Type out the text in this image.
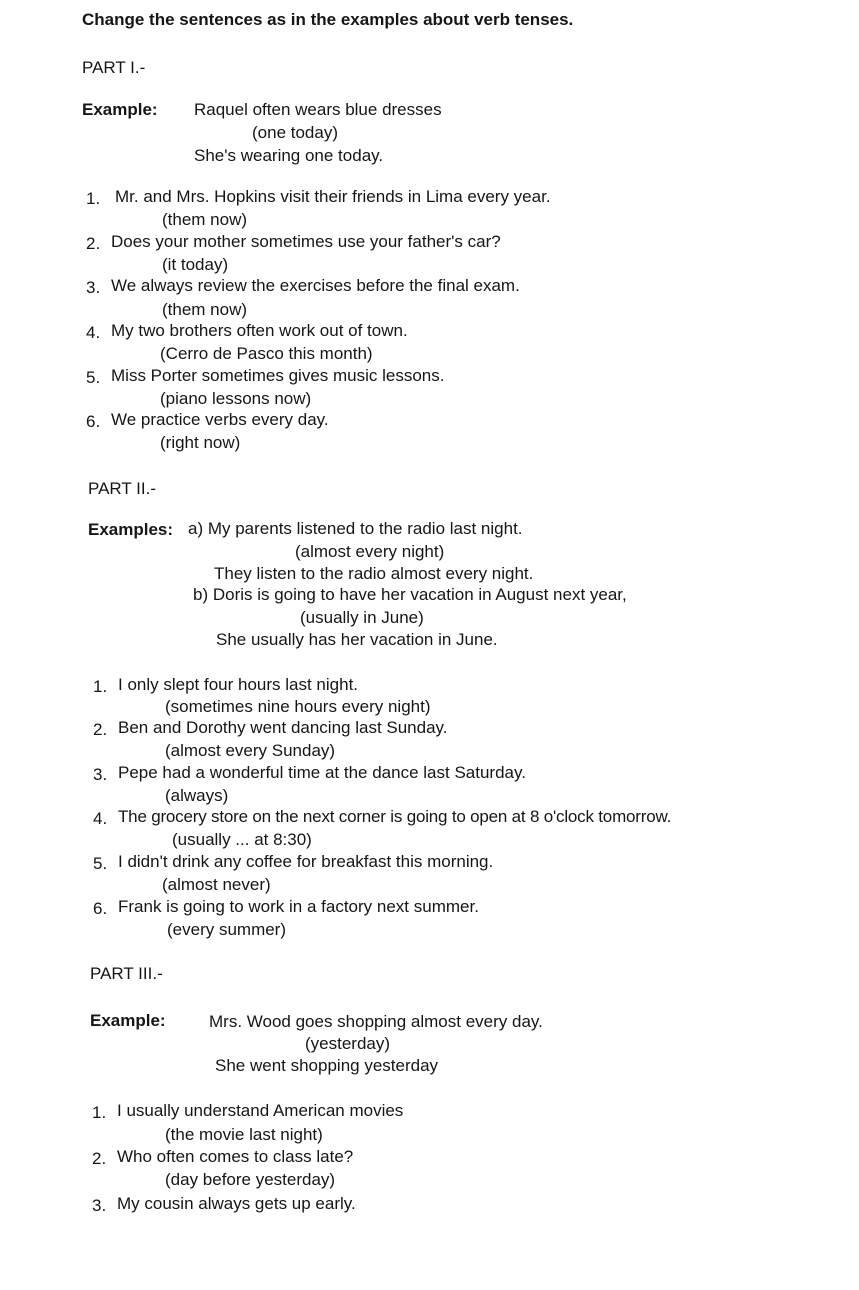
Change the sentences as in the examples about verb tenses.
PART I.-
Example: Raquel often wears blue dresses
(one today)
She's wearing one today.
1. Mr. and Mrs. Hopkins visit their friends in Lima every year.
(them now)
2. Does your mother sometimes use your father's car?
(it today)
3. We always review the exercises before the final exam.
(them now)
4. My two brothers often work out of town.
(Cerro de Pasco this month)
5. Miss Porter sometimes gives music lessons.
(piano lessons now)
6. We practice verbs every day.
(right now)
PART II.-
Examples: a) My parents listened to the radio last night.
(almost every night)
They listen to the radio almost every night.
b) Doris is going to have her vacation in August next year,
(usually in June)
She usually has her vacation in June.
1. I only slept four hours last night.
(sometimes nine hours every night)
2. Ben and Dorothy went dancing last Sunday.
(almost every Sunday)
3. Pepe had a wonderful time at the dance last Saturday.
(always)
4. The grocery store on the next corner is going to open at 8 o'clock tomorrow.
(usually ... at 8:30)
5. I didn't drink any coffee for breakfast this morning.
(almost never)
6. Frank is going to work in a factory next summer.
(every summer)
PART III.-
Example:	Mrs. Wood goes shopping almost every day.
(yesterday)
She went shopping yesterday
1. I usually understand American movies
(the movie last night)
2. Who often comes to class late?
(day before yesterday)
3. My cousin always gets up early.
